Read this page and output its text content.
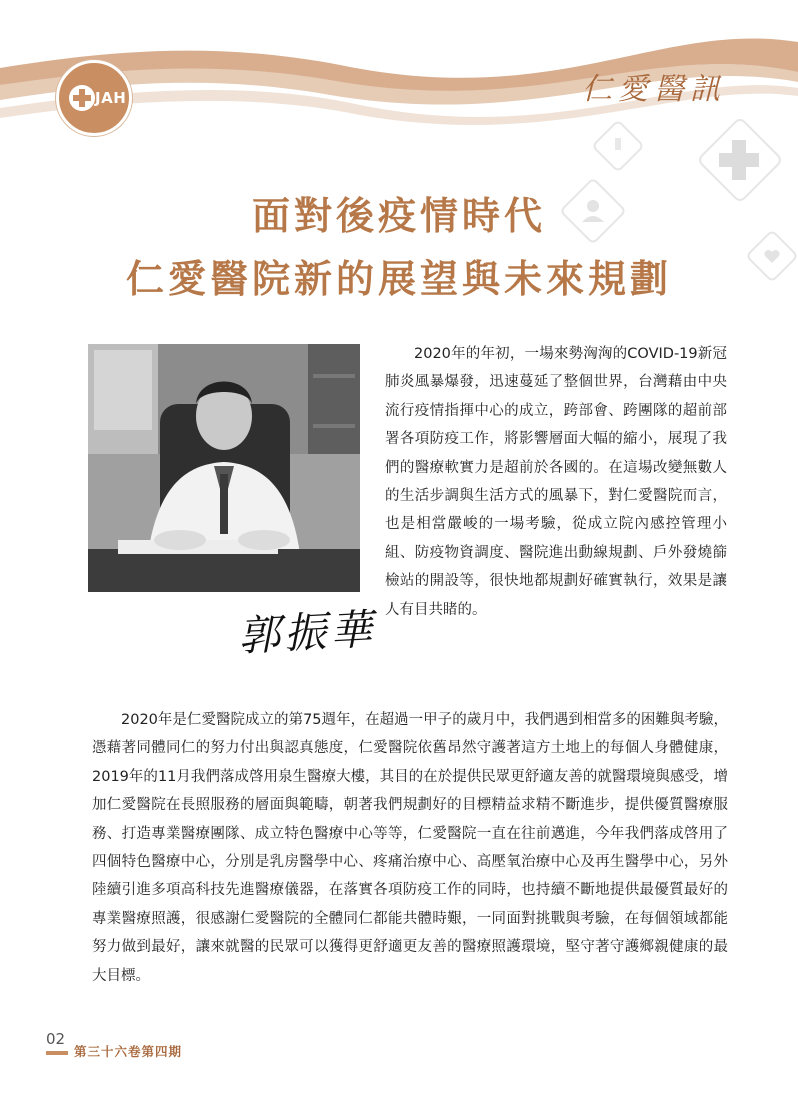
JAH	仁愛醫訊
面對後疫情時代
仁愛醫院新的展望與未來規劃
郭振華
2020年的年初，一場來勢洶洶的COVID-19新冠肺炎風暴爆發，迅速蔓延了整個世界，台灣藉由中央流行疫情指揮中心的成立，跨部會、跨團隊的超前部署各項防疫工作，將影響層面大幅的縮小，展現了我們的醫療軟實力是超前於各國的。在這場改變無數人的生活步調與生活方式的風暴下，對仁愛醫院而言，也是相當嚴峻的一場考驗，從成立院內感控管理小組、防疫物資調度、醫院進出動線規劃、戶外發燒篩檢站的開設等，很快地都規劃好確實執行，效果是讓人有目共睹的。
2020年是仁愛醫院成立的第75週年，在超過一甲子的歲月中，我們遇到相當多的困難與考驗，憑藉著同體同仁的努力付出與認真態度，仁愛醫院依舊昂然守護著這方土地上的每個人身體健康，2019年的11月我們落成啓用泉生醫療大樓，其目的在於提供民眾更舒適友善的就醫環境與感受，增加仁愛醫院在長照服務的層面與範疇，朝著我們規劃好的目標精益求精不斷進步，提供優質醫療服務、打造專業醫療團隊、成立特色醫療中心等等，仁愛醫院一直在往前邁進，今年我們落成啓用了四個特色醫療中心，分別是乳房醫學中心、疼痛治療中心、高壓氧治療中心及再生醫學中心，另外陸續引進多項高科技先進醫療儀器，在落實各項防疫工作的同時，也持續不斷地提供最優質最好的專業醫療照護，很感謝仁愛醫院的全體同仁都能共體時艱，一同面對挑戰與考驗，在每個領域都能努力做到最好，讓來就醫的民眾可以獲得更舒適更友善的醫療照護環境，堅守著守護鄉親健康的最大目標。
02
第三十六卷第四期
